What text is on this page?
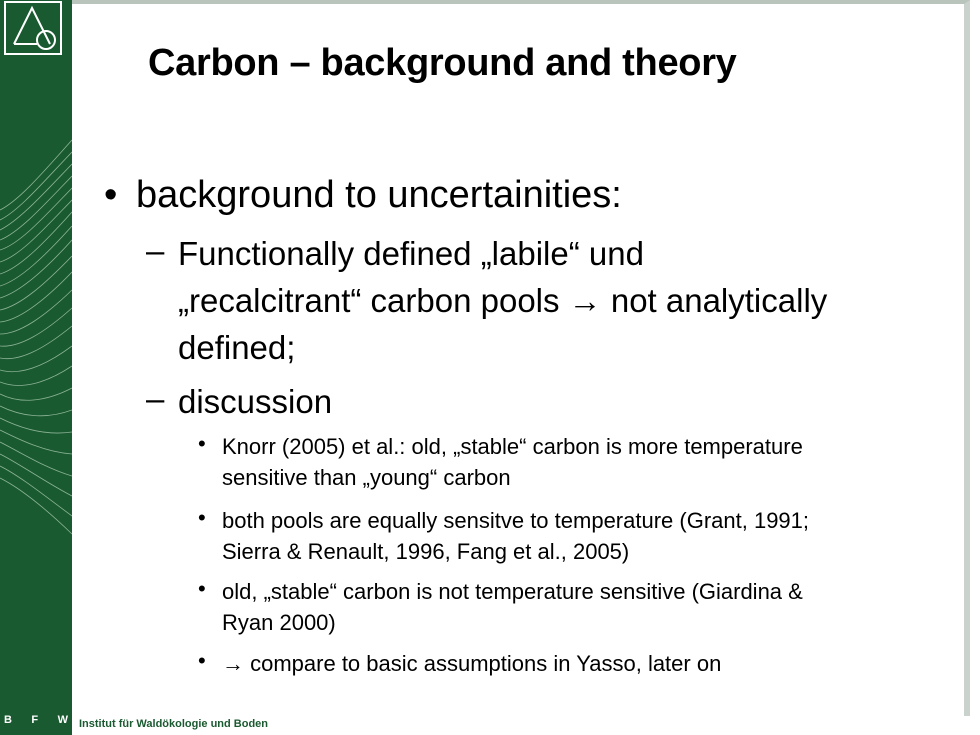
B F W Institut für Waldökologie und Boden
Carbon – background and theory
• background to uncertainities:
– Functionally defined „labile“ und
„recalcitrant“ carbon pools → not analytically
defined;
– discussion
• Knorr (2005) et al.: old, „stable“ carbon is more temperature
sensitive than „young“ carbon
• both pools are equally sensitve to temperature (Grant, 1991;
Sierra & Renault, 1996, Fang et al., 2005)
• old, „stable“ carbon is not temperature sensitive (Giardina &
Ryan 2000)
• → compare to basic assumptions in Yasso, later on
